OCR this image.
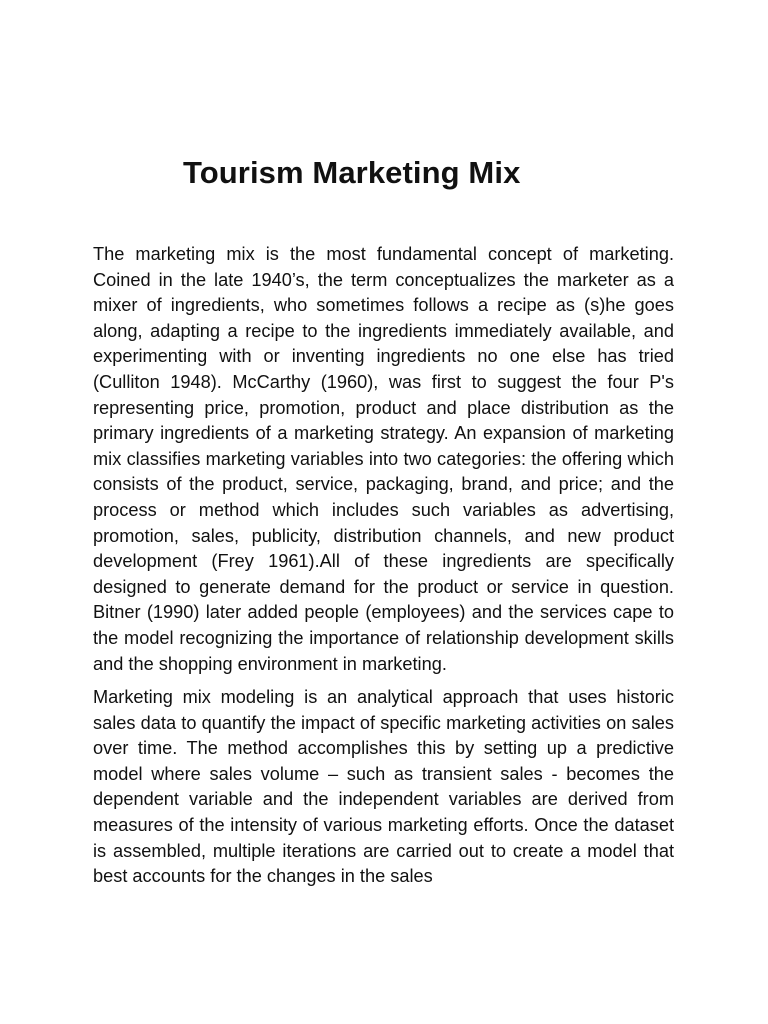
Tourism Marketing Mix

The marketing mix is the most fundamental concept of marketing. Coined in the late 1940’s, the term conceptualizes the marketer as a mixer of ingredients, who sometimes follows a recipe as (s)he goes along, adapting a recipe to the ingredients immediately available, and experimenting with or inventing ingredients no one else has tried (Culliton 1948). McCarthy (1960), was first to suggest the four P's representing price, promotion, product and place distribution as the primary ingredients of a marketing strategy. An expansion of marketing mix classifies marketing variables into two categories: the offering which consists of the product, service, packaging, brand, and price; and the process or method which includes such variables as advertising, promotion, sales, publicity, distribution channels, and new product development (Frey 1961).All of these ingredients are specifically designed to generate demand for the product or service in question. Bitner (1990) later added people (employees) and the services cape to the model recognizing the importance of relationship development skills and the shopping environment in marketing.

Marketing mix modeling is an analytical approach that uses historic sales data to quantify the impact of specific marketing activities on sales over time. The method accomplishes this by setting up a predictive model where sales volume – such as transient sales - becomes the dependent variable and the independent variables are derived from measures of the intensity of various marketing efforts. Once the dataset is assembled, multiple iterations are carried out to create a model that best accounts for the changes in the sales
